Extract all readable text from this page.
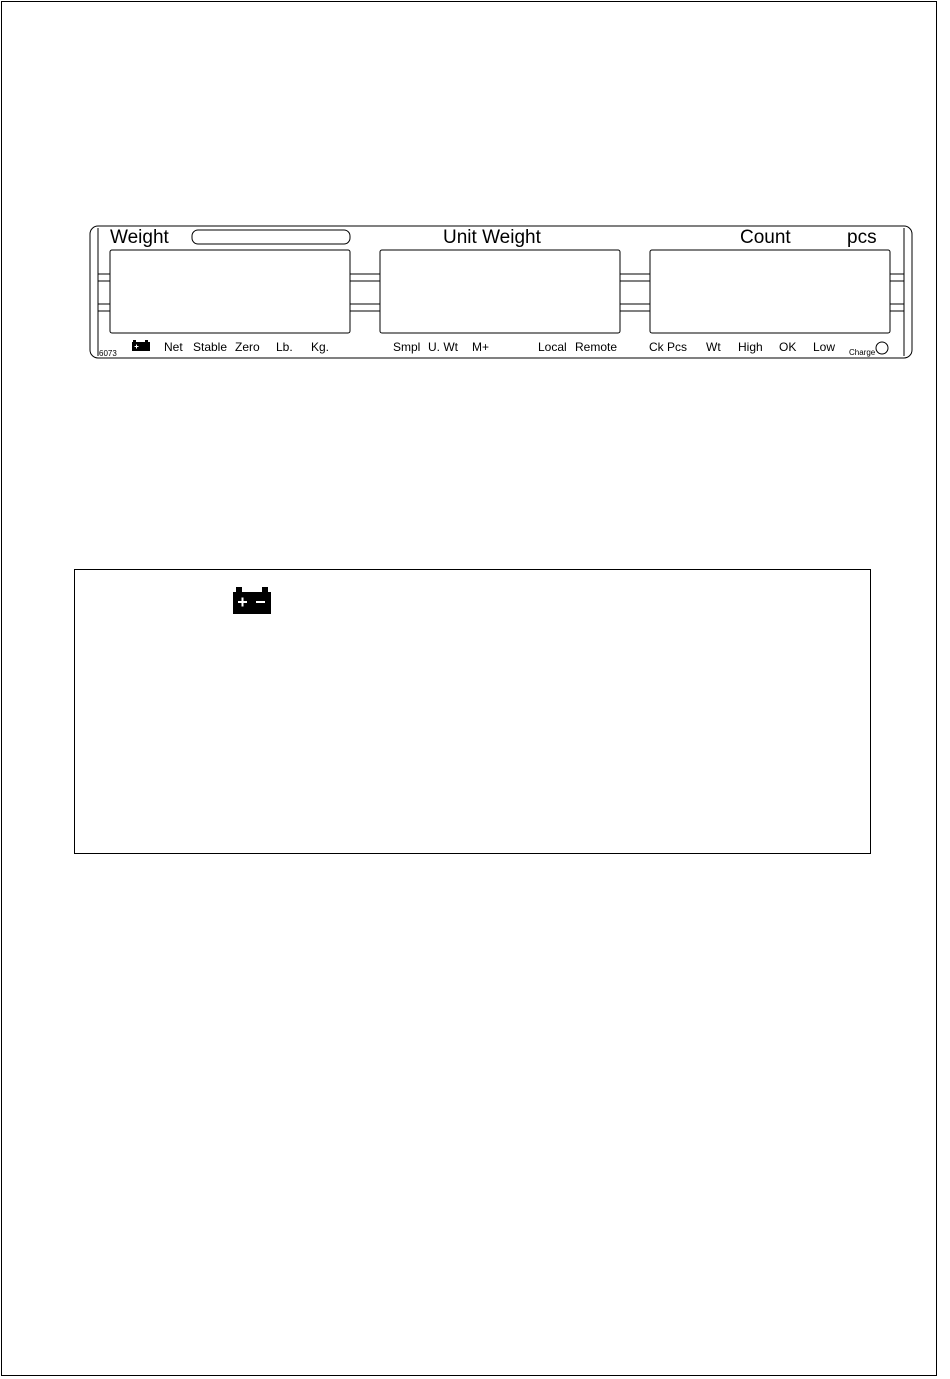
Weight	Unit Weight	Count	pcs
Net Stable Zero Lb. Kg.	Smpl U. Wt M+	Local Remote	Ck Pcs Wt High OK Low Charge
6073
